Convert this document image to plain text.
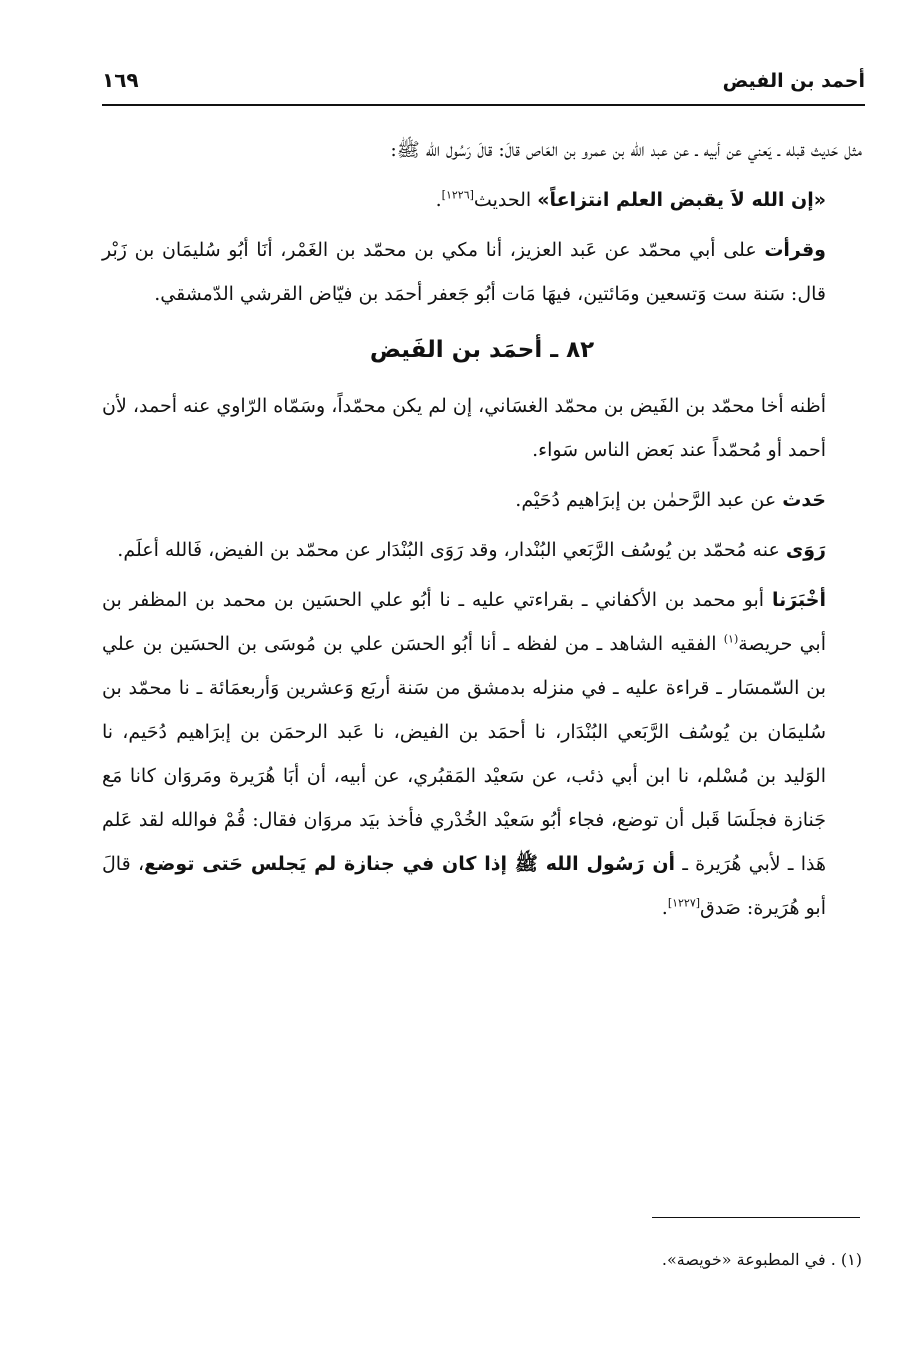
أحمد بن الفيض
١٦٩

مثل حَديث قبله ـ يَعني عن أبيه ـ عن عبد اللّه بن عمرو بن العَاص قالَ: قالَ رَسُول الله ﷺ:

«إن الله لاَ يقبض العلم انتزاعاً» الحديث[١٢٢٦].

وقرأت على أبي محمّد عن عَبد العزيز، أنا مكي بن محمّد بن الغَمْر، أنَا أبُو سُليمَان بن زَبْر قال: سَنة ست وَتسعين ومَائتين، فيهَا مَات أبُو جَعفر أحمَد بن فيّاض القرشي الدّمشقي.

٨٢ ـ أحمَد بن الفَيض

أظنه أخا محمّد بن الفَيض بن محمّد الغسَاني، إن لم يكن محمّداً، وسَمّاه الرّاوي عنه أحمد، لأن أحمد أو مُحمّداً عند بَعض الناس سَواء.

حَدث عن عبد الرَّحمٰن بن إبرَاهيم دُحَيْم.

رَوَى عنه مُحمّد بن يُوسُف الرَّبَعي البُنْدار، وقد رَوَى البُنْدَار عن محمّد بن الفيض، فَالله أعلَم.

أخْبَرَنا أبو محمد بن الأكفاني ـ بقراءتي عليه ـ نا أبُو علي الحسَين بن محمد بن المظفر بن أبي حريصة$^{(١)}$ الفقيه الشاهد ـ من لفظه ـ أنا أبُو الحسَن علي بن مُوسَى بن الحسَين بن علي بن السّمسَار ـ قراءة عليه ـ في منزله بدمشق من سَنة أربَع وَعشرين وَأربعمَائة ـ نا محمّد بن سُليمَان بن يُوسُف الرَّبَعي البُنْدَار، نا أحمَد بن الفيض، نا عَبد الرحمَن بن إبرَاهيم دُحَيم، نا الوَليد بن مُسْلم، نا ابن أبي ذئب، عن سَعيْد المَقبُري، عن أبيه، أن أبَا هُرَيرة ومَروَان كانا مَع جَنازة فجلَسَا قَبل أن توضع، فجاء أبُو سَعيْد الخُدْري فأخذ بيَد مروَان فقال: قُمْ فوالله لقد عَلم هَذا ـ لأبي هُرَيرة ـ أن رَسُول الله ﷺ إذا كان في جنازة لم يَجلس حَتى توضع، قالَ أبو هُرَيرة: صَدق[١٢٢٧].

(١) . في المطبوعة «خويصة».
